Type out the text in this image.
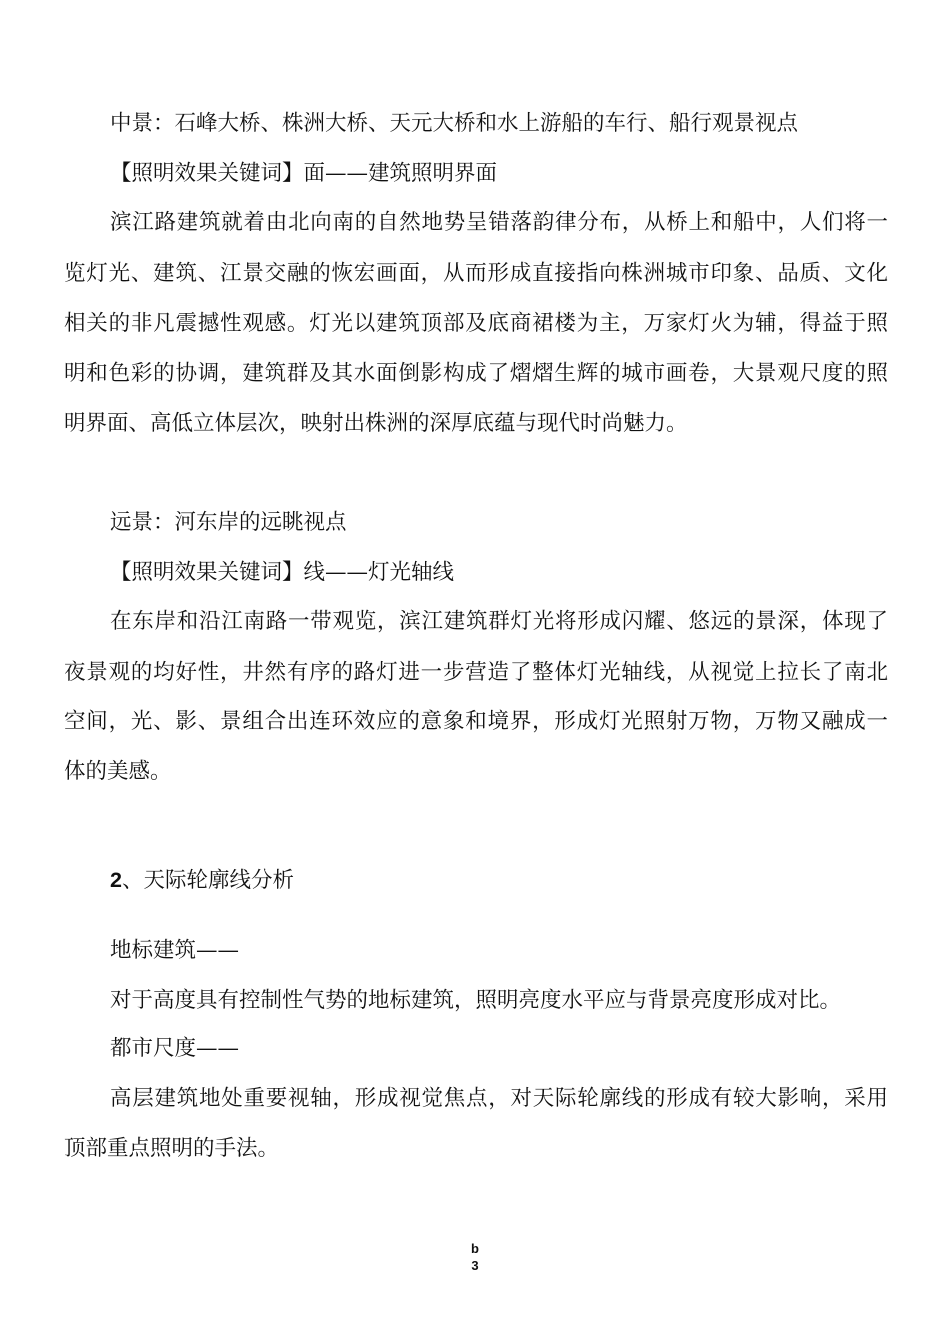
中景：石峰大桥、株洲大桥、天元大桥和水上游船的车行、船行观景视点
【照明效果关键词】面——建筑照明界面
滨江路建筑就着由北向南的自然地势呈错落韵律分布，从桥上和船中，人们将一
览灯光、建筑、江景交融的恢宏画面，从而形成直接指向株洲城市印象、品质、文化
相关的非凡震撼性观感。灯光以建筑顶部及底商裙楼为主，万家灯火为辅，得益于照
明和色彩的协调，建筑群及其水面倒影构成了熠熠生辉的城市画卷，大景观尺度的照
明界面、高低立体层次，映射出株洲的深厚底蕴与现代时尚魅力。
远景：河东岸的远眺视点
【照明效果关键词】线——灯光轴线
在东岸和沿江南路一带观览，滨江建筑群灯光将形成闪耀、悠远的景深，体现了
夜景观的均好性，井然有序的路灯进一步营造了整体灯光轴线，从视觉上拉长了南北
空间，光、影、景组合出连环效应的意象和境界，形成灯光照射万物，万物又融成一
体的美感。
2、天际轮廓线分析
地标建筑——
对于高度具有控制性气势的地标建筑，照明亮度水平应与背景亮度形成对比。
都市尺度——
高层建筑地处重要视轴，形成视觉焦点，对天际轮廓线的形成有较大影响，采用
顶部重点照明的手法。
b
3
